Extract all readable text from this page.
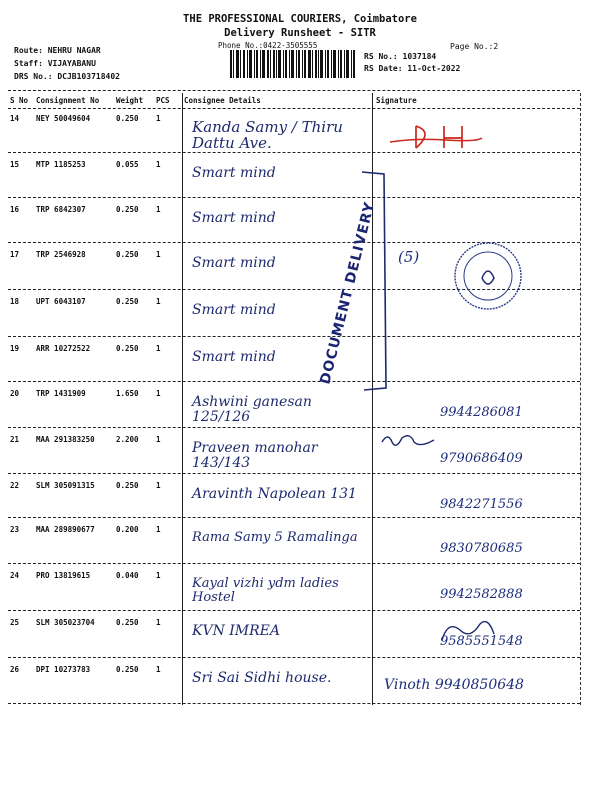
THE PROFESSIONAL COURIERS, Coimbatore
Delivery Runsheet - SITR
Phone No.:0422-3505555	Page No.:2
Route: NEHRU NAGAR
Staff: VIJAYABANU
DRS No.: DCJB103718402
RS No.: 1037184
RS Date: 11-Oct-2022
S No Consignment No Weight PCS Consignee Details	Signature
14 NEY 50049604	0.250 1 Kanda Samy / Thiru Dattu Ave.
15 MTP 1185253	0.055 1
Smart mind
16 TRP 6842307	0.250 1
Smart mind
17 TRP 2546928	0.250 1
Smart mind	(5)
18 UPT 6043107	0.250 1
Smart mind
19 ARR 10272522	0.250 1
Smart mind
20 TRP 1431909	1.650 1
Ashwini ganesan 125/126	9944286081
21 MAA 291383250	2.200 1
Praveen manohar 143/143	9790686409
22 SLM 305091315	0.250 1
Aravinth Napolean 131
9842271556
23 MAA 289890677	0.200 1
Rama Samy 5 Ramalinga
9830780685
24 PRO 13819615	0.040 1
Kayal vizhi ydm ladies Hostel	9942582888
25 SLM 305023704	0.250 1
KVN IMREA
9585551548
26 DPI 10273783	0.250 1
Sri Sai Sidhi house.	Vinoth 9940850648
DOCUMENT DELIVERY
